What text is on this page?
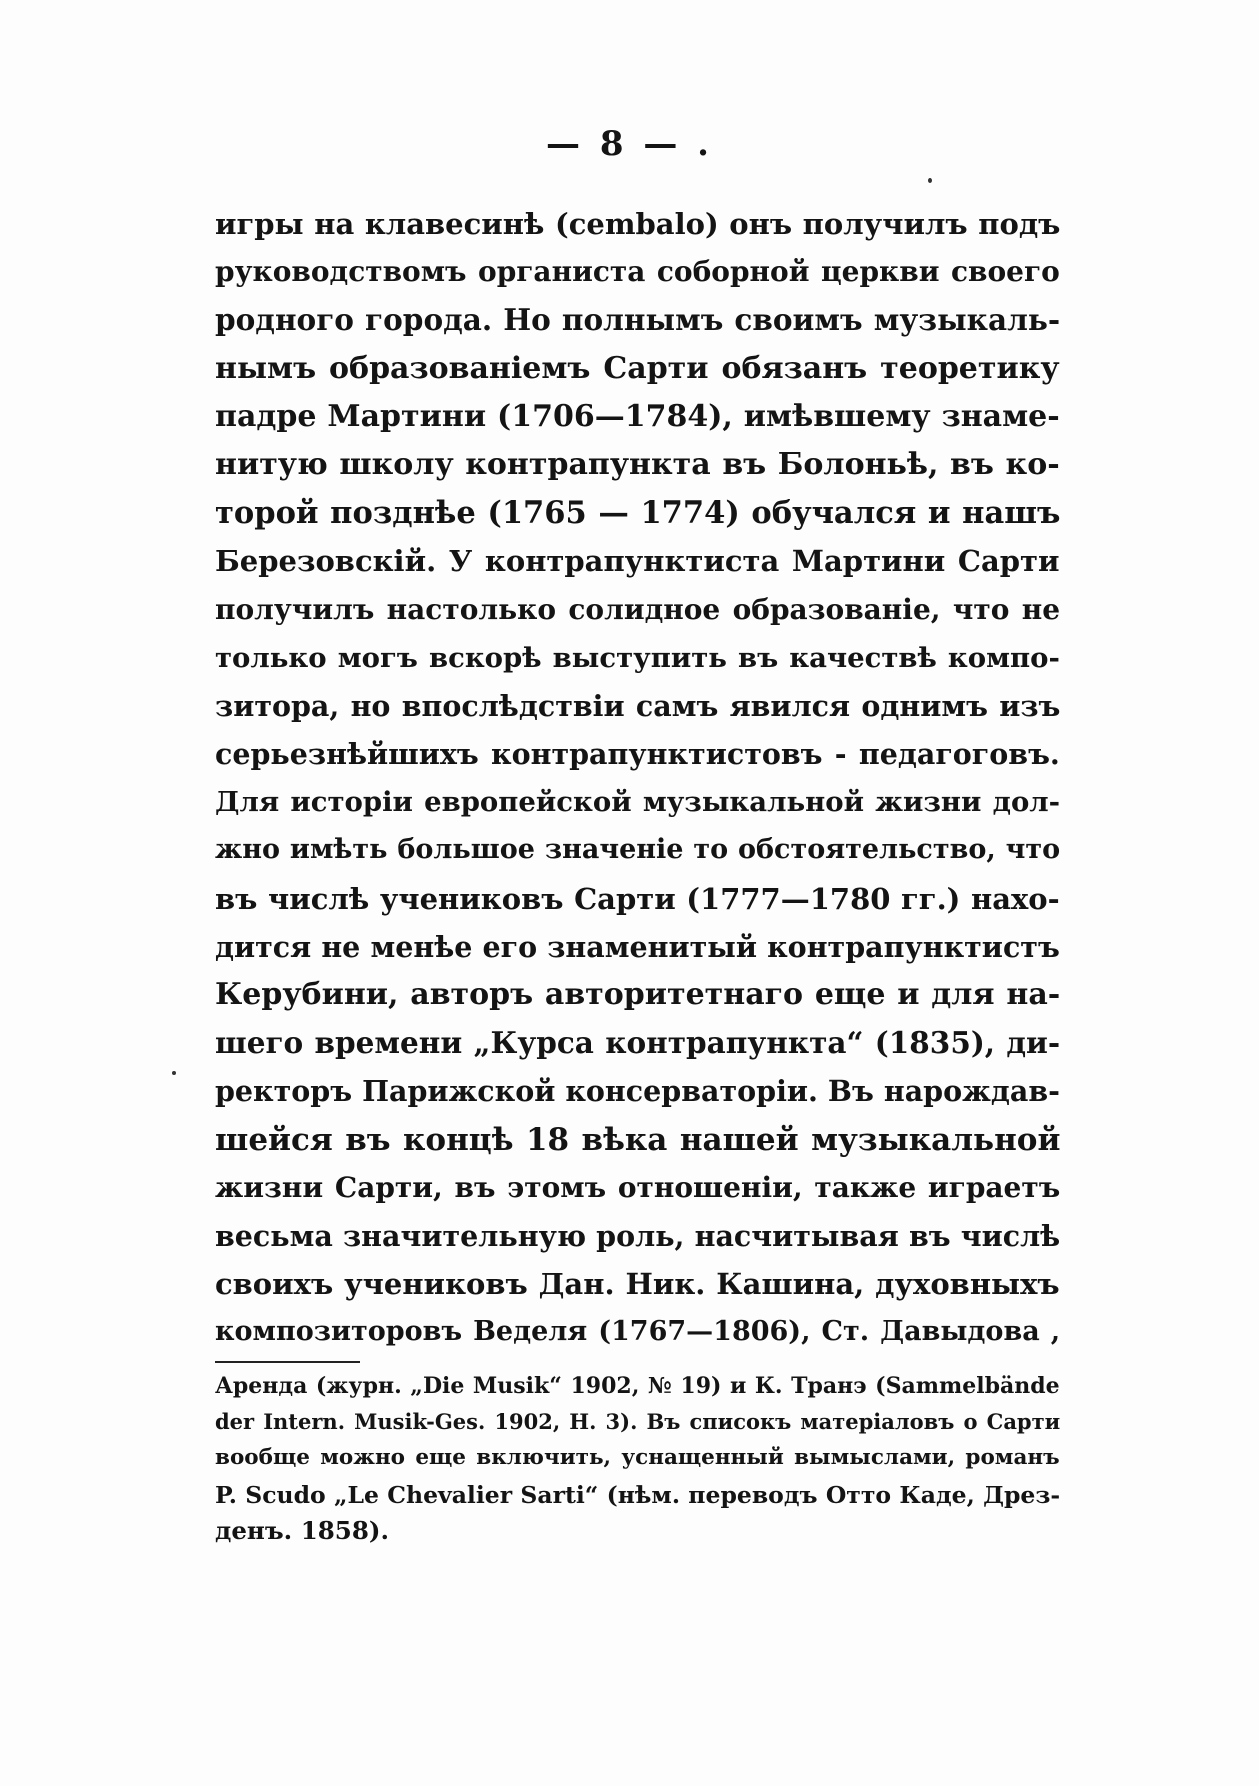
— 8 — .
игры на клавесинѣ (cembalo) онъ получилъ подъ
руководствомъ органиста соборной церкви своего
родного города. Но полнымъ своимъ музыкаль-
нымъ образованіемъ Сарти обязанъ теоретику
падре Мартини (1706—1784), имѣвшему знаме-
нитую школу контрапункта въ Болоньѣ, въ ко-
торой позднѣе (1765 — 1774) обучался и нашъ
Березовскій. У контрапунктиста Мартини Сарти
получилъ настолько солидное образованіе, что не
только могъ вскорѣ выступить въ качествѣ компо-
зитора, но впослѣдствіи самъ явился однимъ изъ
серьезнѣйшихъ контрапунктистовъ - педагоговъ.
Для исторіи европейской музыкальной жизни дол-
жно имѣть большое значеніе то обстоятельство, что
въ числѣ учениковъ Сарти (1777—1780 гг.) нахо-
дится не менѣе его знаменитый контрапунктистъ
Керубини, авторъ авторитетнаго еще и для на-
шего времени „Курса контрапункта“ (1835), ди-
ректоръ Парижской консерваторіи. Въ нарождав-
шейся въ концѣ 18 вѣка нашей музыкальной
жизни Сарти, въ этомъ отношеніи, также играетъ
весьма значительную роль, насчитывая въ числѣ
своихъ учениковъ Дан. Ник. Кашина, духовныхъ
композиторовъ Веделя (1767—1806), Ст. Давыдова ,
Аренда (журн. „Die Musik“ 1902, № 19) и К. Транэ (Sammelbände
der Intern. Musik-Ges. 1902, H. 3). Въ списокъ матеріаловъ о Сарти
вообще можно еще включить, уснащенный вымыслами, романъ
P. Scudo „Le Chevalier Sarti“ (нѣм. переводъ Отто Каде, Дрез-
денъ. 1858).
